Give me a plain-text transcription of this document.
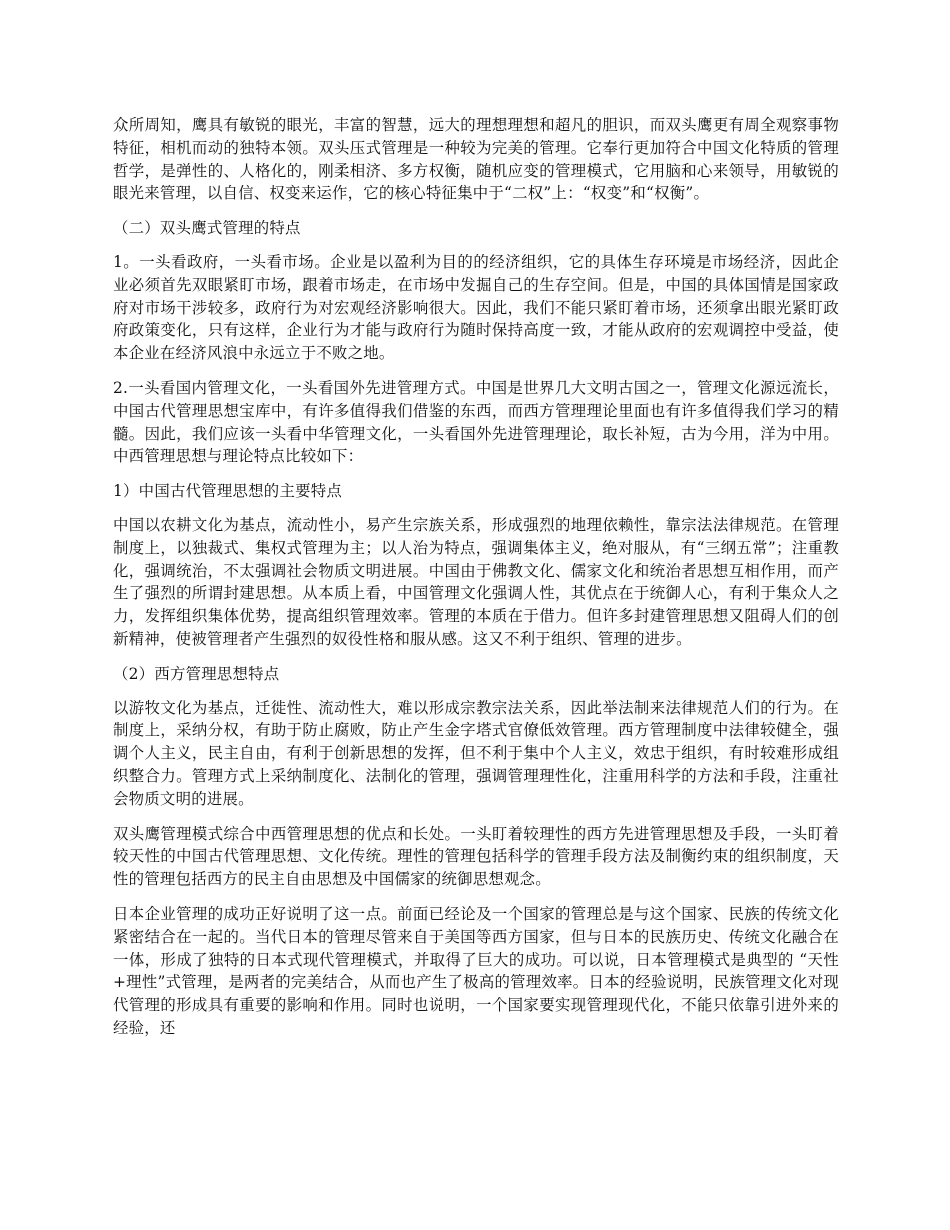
众所周知，鹰具有敏锐的眼光，丰富的智慧，远大的理想理想和超凡的胆识，而双头鹰更有周全观察事物特征，相机而动的独特本领。双头压式管理是一种较为完美的管理。它奉行更加符合中国文化特质的管理哲学，是弹性的、人格化的，刚柔相济、多方权衡，随机应变的管理模式，它用脑和心来领导，用敏锐的眼光来管理，以自信、权变来运作，它的核心特征集中于“二权”上：“权变”和“权衡”。

（二）双头鹰式管理的特点

1。一头看政府，一头看市场。企业是以盈利为目的的经济组织，它的具体生存环境是市场经济，因此企业必须首先双眼紧盯市场，跟着市场走，在市场中发掘自己的生存空间。但是，中国的具体国情是国家政府对市场干涉较多，政府行为对宏观经济影响很大。因此，我们不能只紧盯着市场，还须拿出眼光紧盯政府政策变化，只有这样，企业行为才能与政府行为随时保持高度一致，才能从政府的宏观调控中受益，使本企业在经济风浪中永远立于不败之地。

2.一头看国内管理文化，一头看国外先进管理方式。中国是世界几大文明古国之一，管理文化源远流长，中国古代管理思想宝库中，有许多值得我们借鉴的东西，而西方管理理论里面也有许多值得我们学习的精髓。因此，我们应该一头看中华管理文化，一头看国外先进管理理论，取长补短，古为今用，洋为中用。中西管理思想与理论特点比较如下：

1）中国古代管理思想的主要特点

中国以农耕文化为基点，流动性小，易产生宗族关系，形成强烈的地理依赖性，靠宗法法律规范。在管理制度上，以独裁式、集权式管理为主；以人治为特点，强调集体主义，绝对服从，有“三纲五常”；注重教化，强调统治，不太强调社会物质文明进展。中国由于佛教文化、儒家文化和统治者思想互相作用，而产生了强烈的所谓封建思想。从本质上看，中国管理文化强调人性，其优点在于统御人心，有利于集众人之力，发挥组织集体优势，提高组织管理效率。管理的本质在于借力。但许多封建管理思想又阻碍人们的创新精神，使被管理者产生强烈的奴役性格和服从感。这又不利于组织、管理的进步。

（2）西方管理思想特点

以游牧文化为基点，迁徙性、流动性大，难以形成宗教宗法关系，因此举法制来法律规范人们的行为。在制度上，采纳分权，有助于防止腐败，防止产生金字塔式官僚低效管理。西方管理制度中法律较健全，强调个人主义，民主自由，有利于创新思想的发挥，但不利于集中个人主义，效忠于组织，有时较难形成组织整合力。管理方式上采纳制度化、法制化的管理，强调管理理性化，注重用科学的方法和手段，注重社会物质文明的进展。

双头鹰管理模式综合中西管理思想的优点和长处。一头盯着较理性的西方先进管理思想及手段，一头盯着较天性的中国古代管理思想、文化传统。理性的管理包括科学的管理手段方法及制衡约束的组织制度，天性的管理包括西方的民主自由思想及中国儒家的统御思想观念。

日本企业管理的成功正好说明了这一点。前面已经论及一个国家的管理总是与这个国家、民族的传统文化紧密结合在一起的。当代日本的管理尽管来自于美国等西方国家，但与日本的民族历史、传统文化融合在一体，形成了独特的日本式现代管理模式，并取得了巨大的成功。可以说，日本管理模式是典型的 “天性+理性”式管理，是两者的完美结合，从而也产生了极高的管理效率。日本的经验说明，民族管理文化对现代管理的形成具有重要的影响和作用。同时也说明，一个国家要实现管理现代化，不能只依靠引进外来的经验，还
